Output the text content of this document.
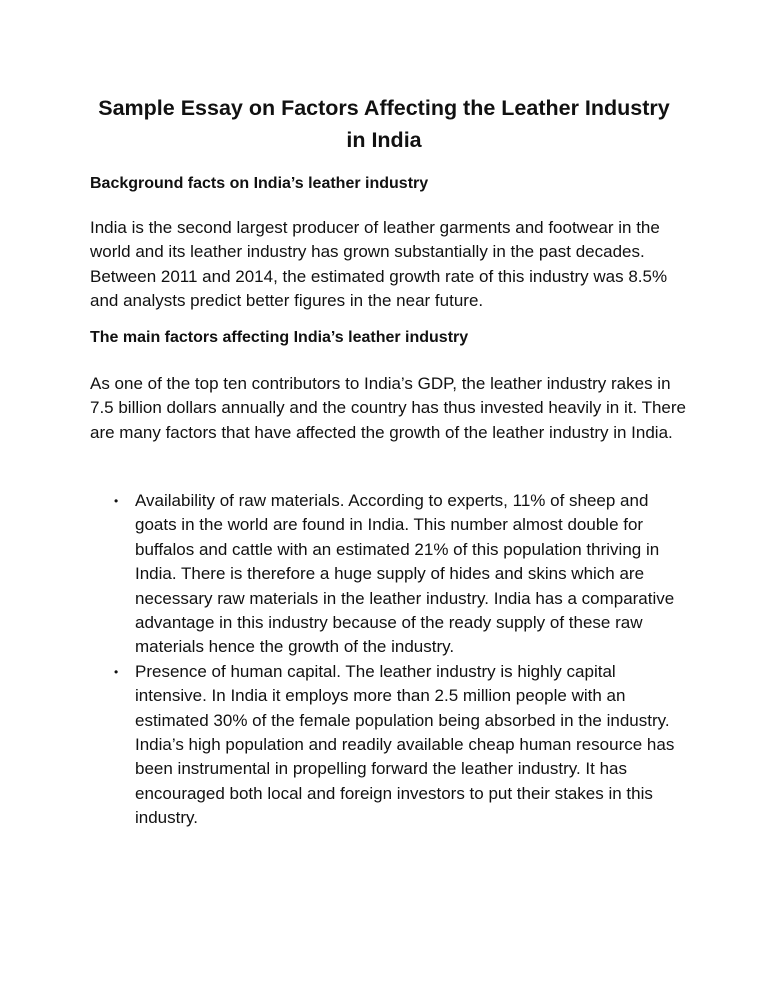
Sample Essay on Factors Affecting the Leather Industry
in India
Background facts on India’s leather industry

India is the second largest producer of leather garments and footwear in the world and its leather industry has grown substantially in the past decades. Between 2011 and 2014, the estimated growth rate of this industry was 8.5% and analysts predict better figures in the near future.

The main factors affecting India’s leather industry

As one of the top ten contributors to India’s GDP, the leather industry rakes in 7.5 billion dollars annually and the country has thus invested heavily in it. There are many factors that have affected the growth of the leather industry in India.

• Availability of raw materials. According to experts, 11% of sheep and goats in the world are found in India. This number almost double for buffalos and cattle with an estimated 21% of this population thriving in India. There is therefore a huge supply of hides and skins which are necessary raw materials in the leather industry. India has a comparative advantage in this industry because of the ready supply of these raw materials hence the growth of the industry.
• Presence of human capital. The leather industry is highly capital intensive. In India it employs more than 2.5 million people with an estimated 30% of the female population being absorbed in the industry. India’s high population and readily available cheap human resource has been instrumental in propelling forward the leather industry. It has encouraged both local and foreign investors to put their stakes in this industry.
